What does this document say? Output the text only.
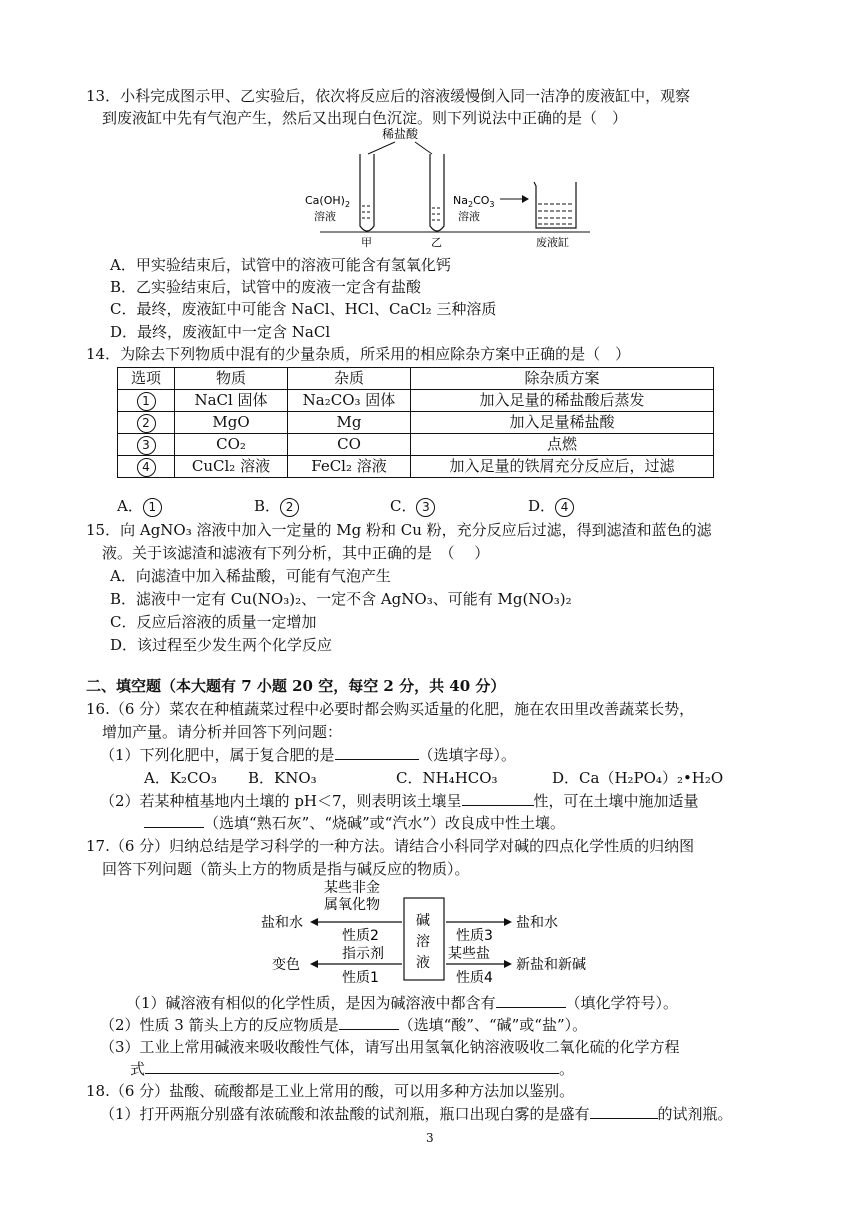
13．小科完成图示甲、乙实验后，依次将反应后的溶液缓慢倒入同一洁净的废液缸中，观察
到废液缸中先有气泡产生，然后又出现白色沉淀。则下列说法中正确的是（　）
稀盐酸
$Ca(OH)_2$
溶液
$Na_2CO_3$
溶液
甲	乙	废液缸
A．甲实验结束后，试管中的溶液可能含有氢氧化钙
B．乙实验结束后，试管中的废液一定含有盐酸
C．最终，废液缸中可能含 NaCl、HCl、CaCl₂ 三种溶质
D．最终，废液缸中一定含 NaCl
14．为除去下列物质中混有的少量杂质，所采用的相应除杂方案中正确的是（　）
选项	物质	杂质	除杂质方案
1	NaCl 固体	Na₂CO₃ 固体	加入足量的稀盐酸后蒸发
2	MgO	Mg	加入足量稀盐酸
3	CO₂	CO	点燃
4	CuCl₂ 溶液	FeCl₂ 溶液	加入足量的铁屑充分反应后，过滤
A． 1	B． 2	C． 3	D． 4
15．向 AgNO₃ 溶液中加入一定量的 Mg 粉和 Cu 粉，充分反应后过滤，得到滤渣和蓝色的滤
液。关于该滤渣和滤液有下列分析，其中正确的是　（　 ）
A．向滤渣中加入稀盐酸，可能有气泡产生
B．滤液中一定有 Cu(NO₃)₂、一定不含 AgNO₃、可能有 Mg(NO₃)₂
C．反应后溶液的质量一定增加
D．该过程至少发生两个化学反应
二、填空题（本大题有 7 小题 20 空，每空 2 分，共 40 分）
16.（6 分）菜农在种植蔬菜过程中必要时都会购买适量的化肥，施在农田里改善蔬菜长势，
增加产量。请分析并回答下列问题：
（1）下列化肥中，属于复合肥的是	（选填字母）。
A．K₂CO₃ B．KNO₃	C．NH₄HCO₃	D．Ca（H₂PO₄）₂•H₂O
（2）若某种植基地内土壤的 pH＜7，则表明该土壤呈	性，可在土壤中施加适量
（选填“熟石灰”、“烧碱”或“汽水”）改良成中性土壤。
17.（6 分）归纳总结是学习科学的一种方法。请结合小科同学对碱的四点化学性质的归纳图
回答下列问题（箭头上方的物质是指与碱反应的物质）。
某些非金
属氧化物
碱
溶
液
盐和水
性质2
指示剂
变色
性质1
性质3
盐和水
某些盐
新盐和新碱
性质4
（1）碱溶液有相似的化学性质，是因为碱溶液中都含有	（填化学符号）。
（2）性质 3 箭头上方的反应物质是	（选填“酸”、“碱”或“盐”）。
（3）工业上常用碱液来吸收酸性气体，请写出用氢氧化钠溶液吸收二氧化硫的化学方程
式	。
18.（6 分）盐酸、硫酸都是工业上常用的酸，可以用多种方法加以鉴别。
（1）打开两瓶分别盛有浓硫酸和浓盐酸的试剂瓶，瓶口出现白雾的是盛有	的试剂瓶。
3
